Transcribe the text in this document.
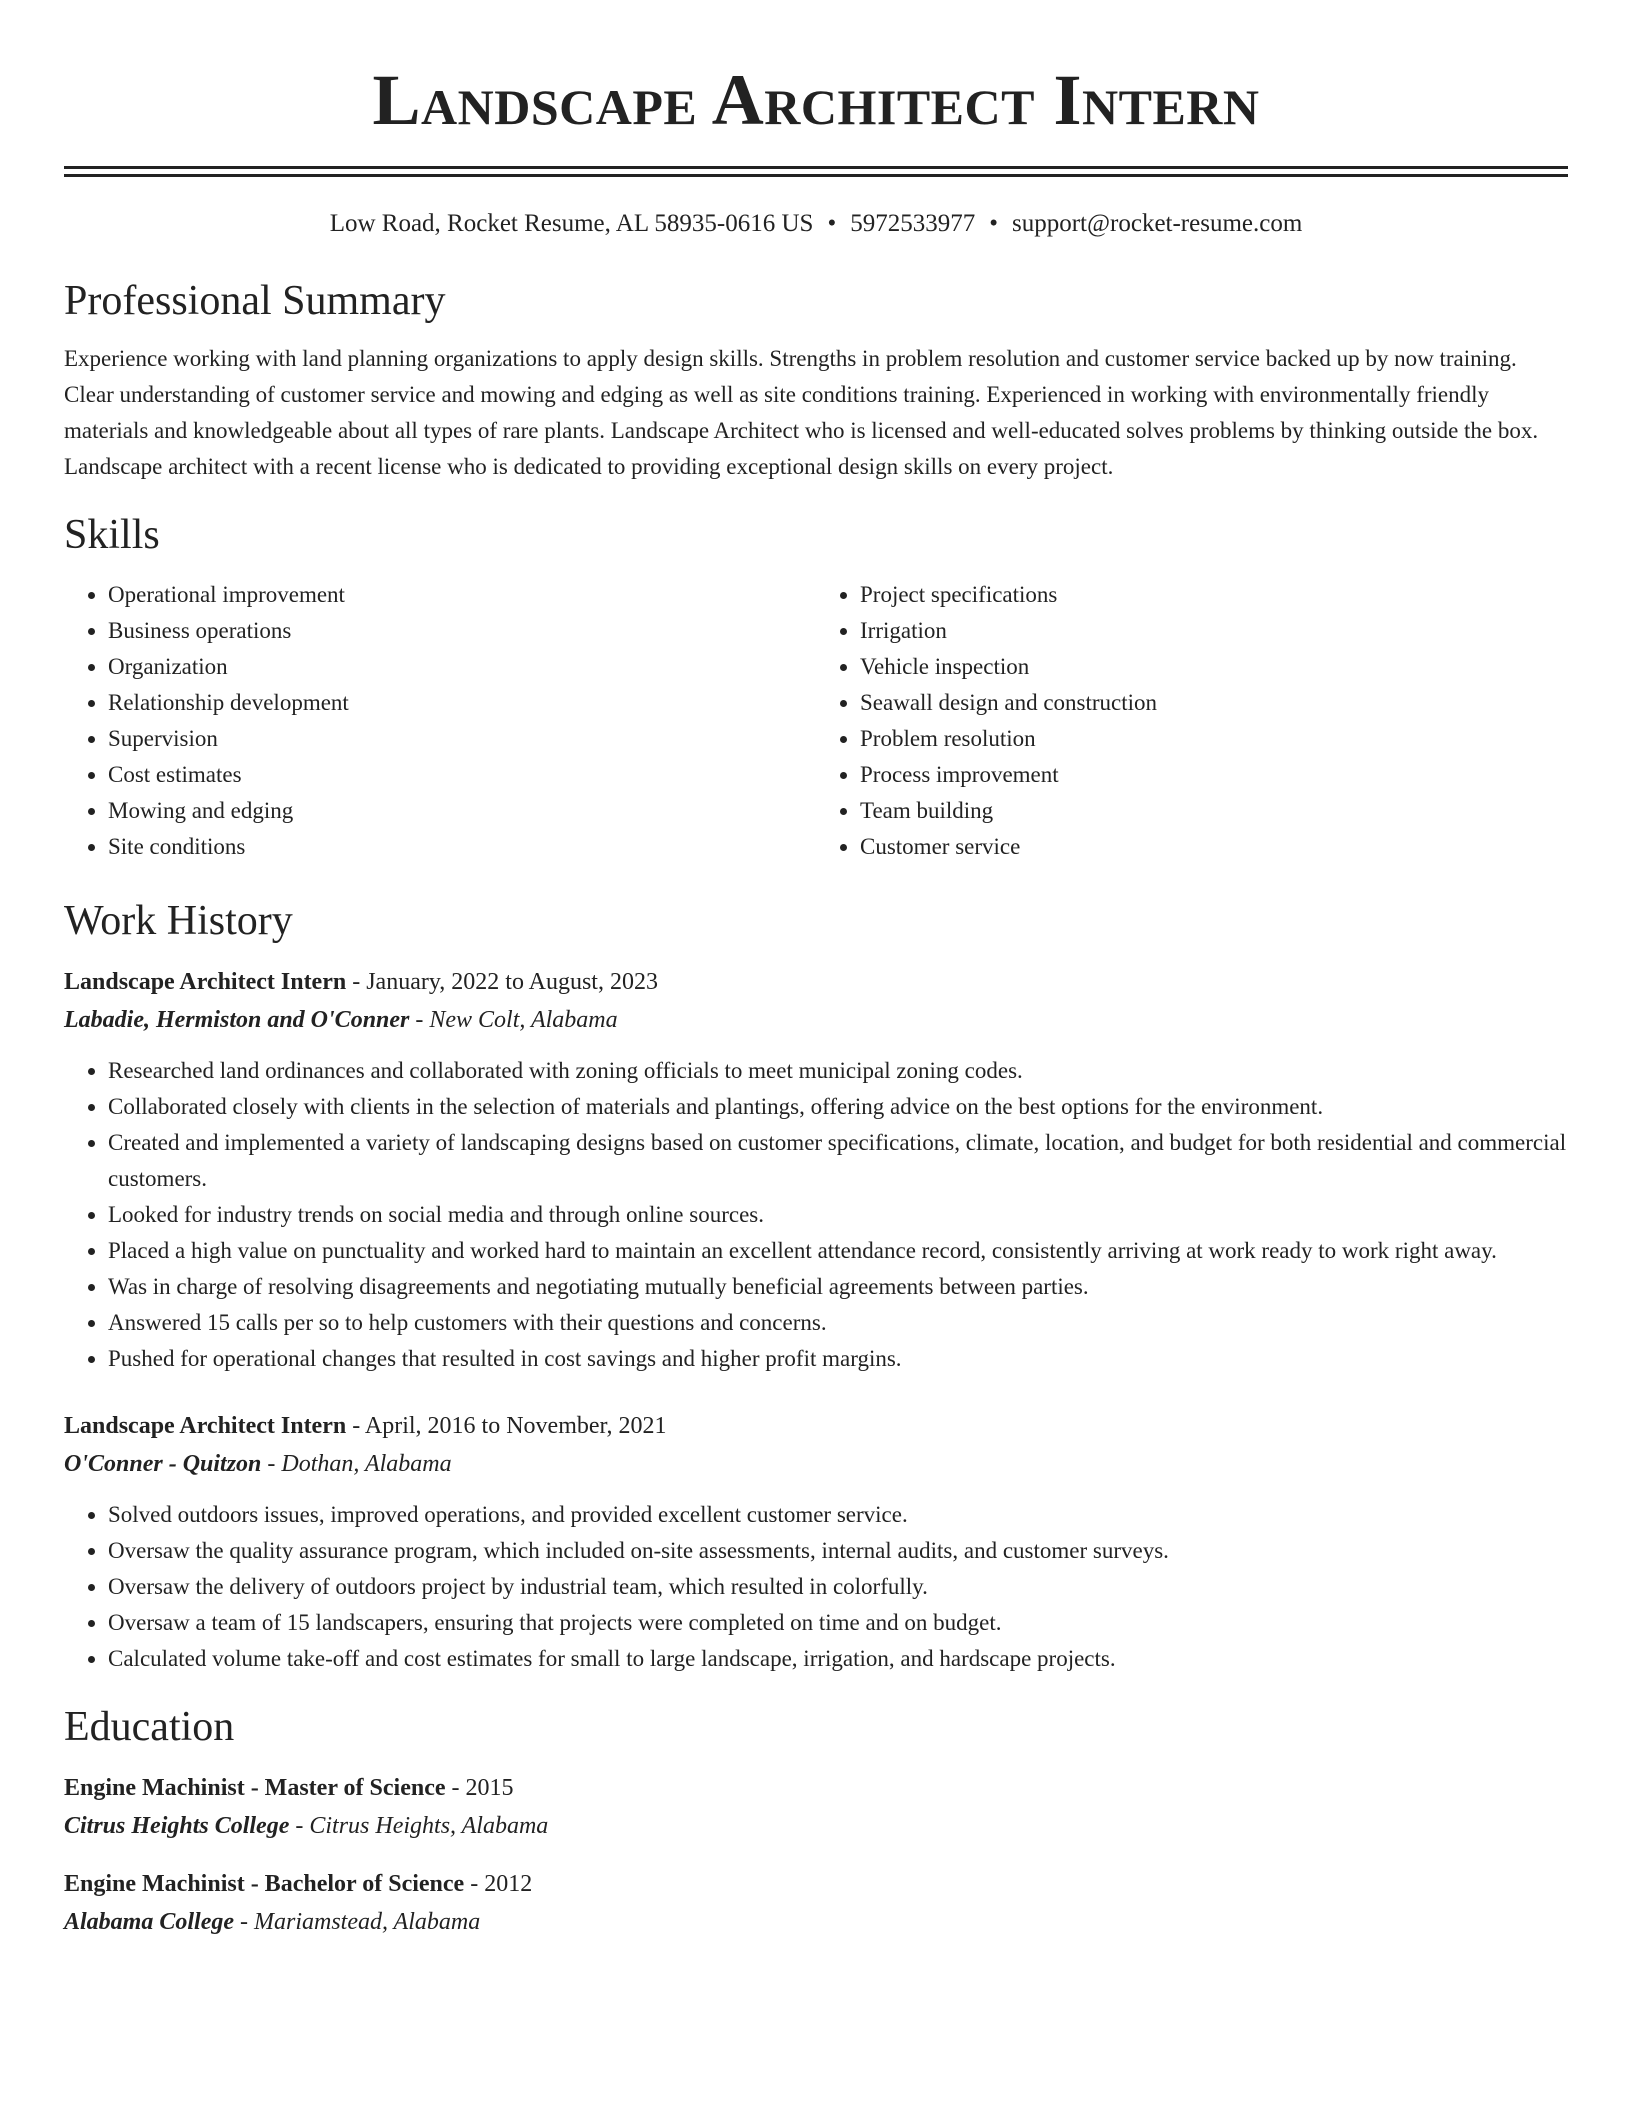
Landscape Architect Intern
Low Road, Rocket Resume, AL 58935-0616 US • 5972533977 • support@rocket-resume.com
Professional Summary

Experience working with land planning organizations to apply design skills. Strengths in problem resolution and customer service backed up by now training. Clear understanding of customer service and mowing and edging as well as site conditions training. Experienced in working with environmentally friendly materials and knowledgeable about all types of rare plants. Landscape Architect who is licensed and well-educated solves problems by thinking outside the box. Landscape architect with a recent license who is dedicated to providing exceptional design skills on every project.

Skills
• Operational improvement
• Business operations
• Organization
• Relationship development
• Supervision
• Cost estimates
• Mowing and edging
• Site conditions
• Project specifications
• Irrigation
• Vehicle inspection
• Seawall design and construction
• Problem resolution
• Process improvement
• Team building
• Customer service
Work History
Landscape Architect Intern - January, 2022 to August, 2023
Labadie, Hermiston and O'Conner - New Colt, Alabama
• Researched land ordinances and collaborated with zoning officials to meet municipal zoning codes.
• Collaborated closely with clients in the selection of materials and plantings, offering advice on the best options for the environment.
• Created and implemented a variety of landscaping designs based on customer specifications, climate, location, and budget for both residential and commercial customers.
• Looked for industry trends on social media and through online sources.
• Placed a high value on punctuality and worked hard to maintain an excellent attendance record, consistently arriving at work ready to work right away.
• Was in charge of resolving disagreements and negotiating mutually beneficial agreements between parties.
• Answered 15 calls per so to help customers with their questions and concerns.
• Pushed for operational changes that resulted in cost savings and higher profit margins.
Landscape Architect Intern - April, 2016 to November, 2021
O'Conner - Quitzon - Dothan, Alabama
• Solved outdoors issues, improved operations, and provided excellent customer service.
• Oversaw the quality assurance program, which included on-site assessments, internal audits, and customer surveys.
• Oversaw the delivery of outdoors project by industrial team, which resulted in colorfully.
• Oversaw a team of 15 landscapers, ensuring that projects were completed on time and on budget.
• Calculated volume take-off and cost estimates for small to large landscape, irrigation, and hardscape projects.
Education
Engine Machinist - Master of Science - 2015
Citrus Heights College - Citrus Heights, Alabama
Engine Machinist - Bachelor of Science - 2012
Alabama College - Mariamstead, Alabama
